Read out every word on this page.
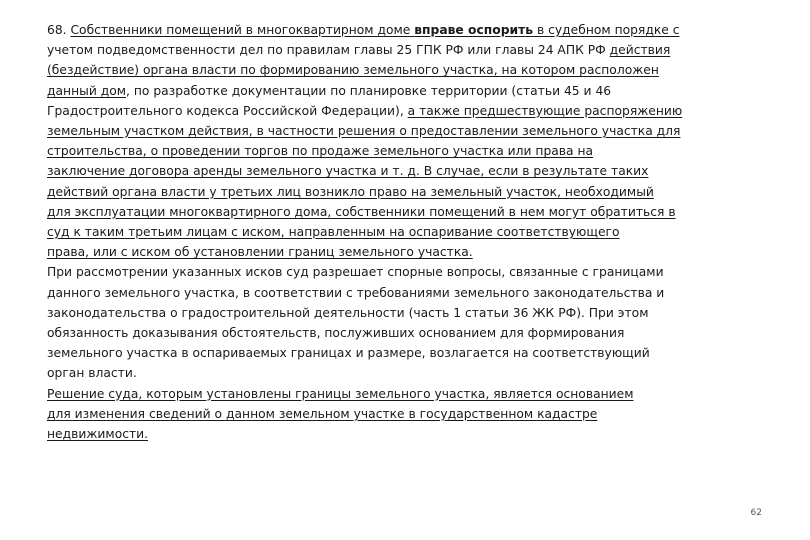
68. Собственники помещений в многоквартирном доме вправе оспорить в судебном порядке с
учетом подведомственности дел по правилам главы 25 ГПК РФ или главы 24 АПК РФ действия
(бездействие) органа власти по формированию земельного участка, на котором расположен
данный дом, по разработке документации по планировке территории (статьи 45 и 46
Градостроительного кодекса Российской Федерации), а также предшествующие распоряжению
земельным участком действия, в частности решения о предоставлении земельного участка для
строительства, о проведении торгов по продаже земельного участка или права на
заключение договора аренды земельного участка и т. д. В случае, если в результате таких
действий органа власти у третьих лиц возникло право на земельный участок, необходимый
для эксплуатации многоквартирного дома, собственники помещений в нем могут обратиться в
суд к таким третьим лицам с иском, направленным на оспаривание соответствующего
права, или с иском об установлении границ земельного участка.
При рассмотрении указанных исков суд разрешает спорные вопросы, связанные с границами
данного земельного участка, в соответствии с требованиями земельного законодательства и
законодательства о градостроительной деятельности (часть 1 статьи 36 ЖК РФ). При этом
обязанность доказывания обстоятельств, послуживших основанием для формирования
земельного участка в оспариваемых границах и размере, возлагается на соответствующий
орган власти.
Решение суда, которым установлены границы земельного участка, является основанием
для изменения сведений о данном земельном участке в государственном кадастре
недвижимости.
62
